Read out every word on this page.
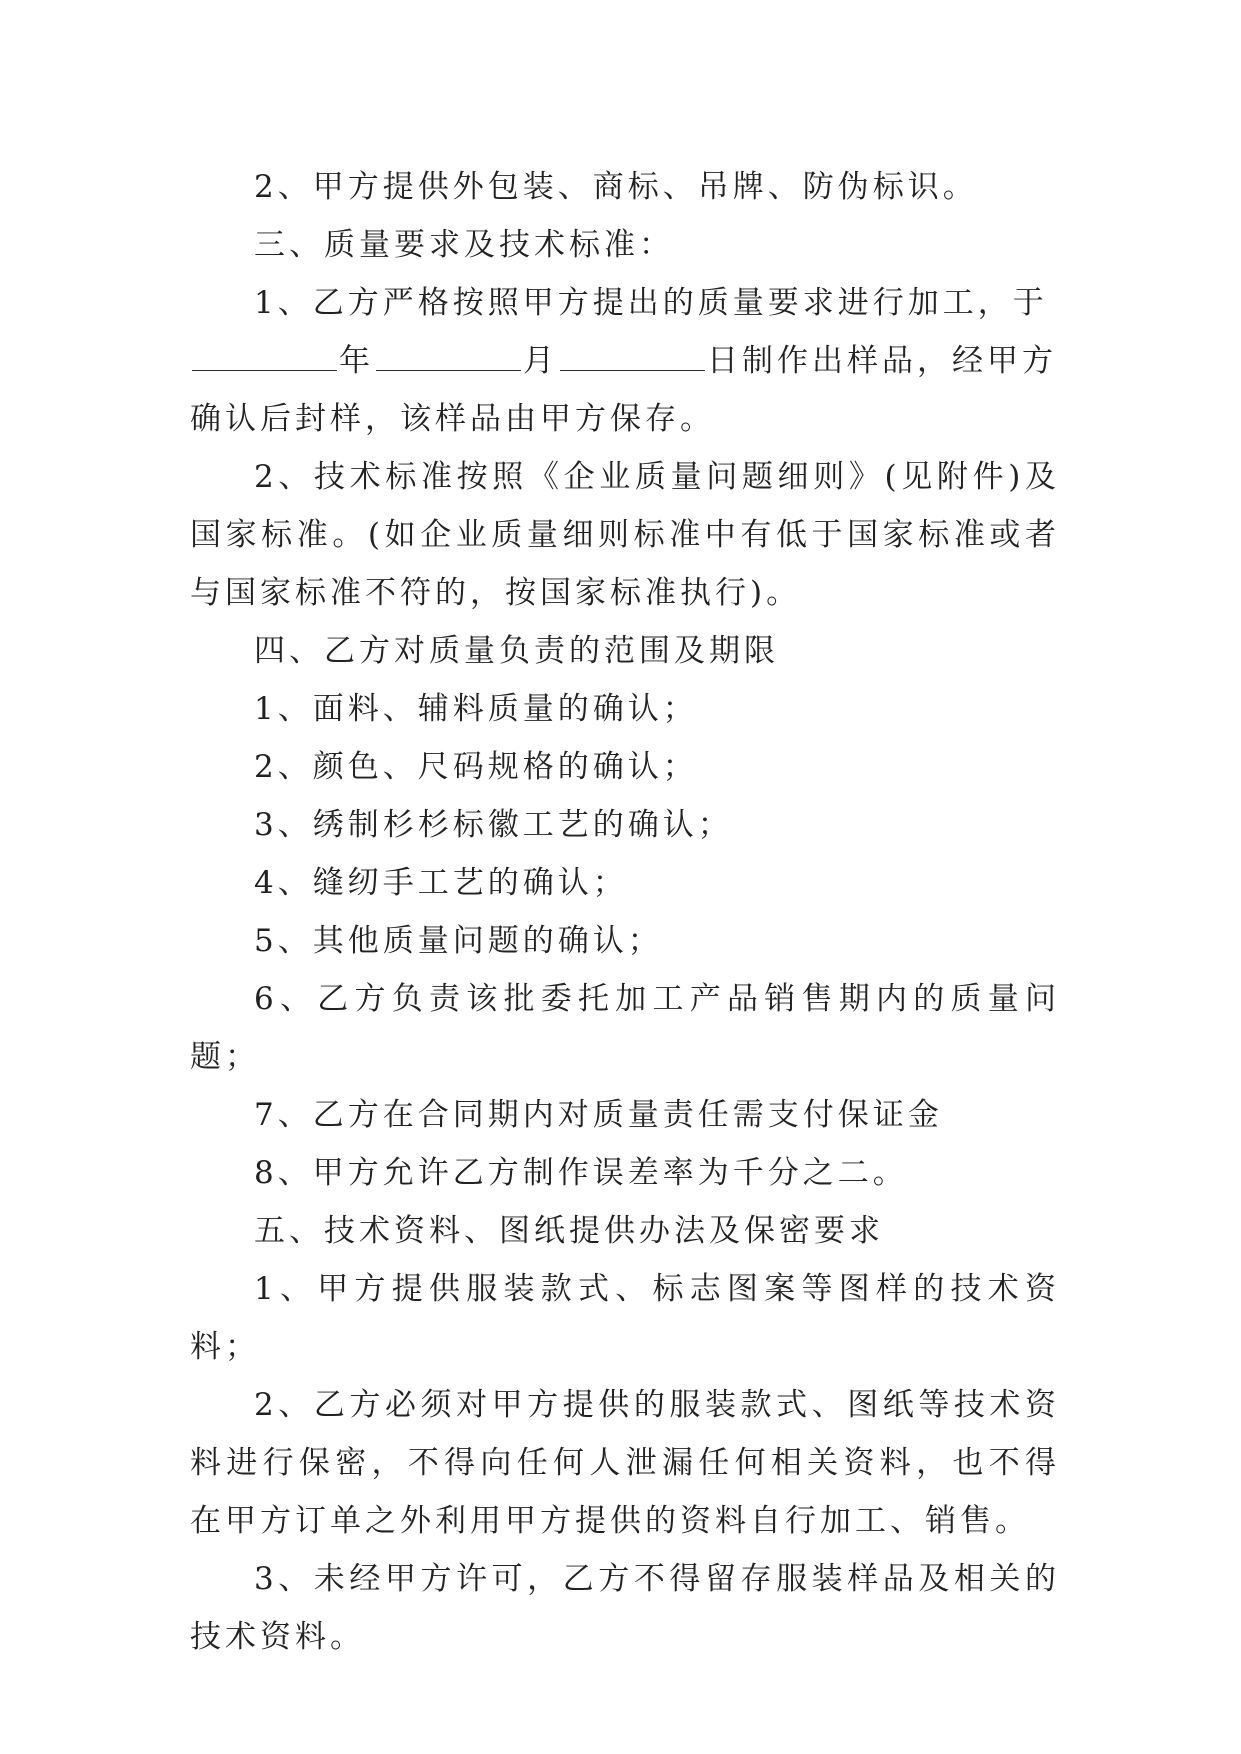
2、甲方提供外包装、商标、吊牌、防伪标识。

三、质量要求及技术标准：

1、乙方严格按照甲方提出的质量要求进行加工，于

年	月	日制作出样品，经甲方

确认后封样，该样品由甲方保存。

2、技术标准按照《企业质量问题细则》(见附件)及国家标准。(如企业质量细则标准中有低于国家标准或者与国家标准不符的，按国家标准执行)。

四、乙方对质量负责的范围及期限

1、面料、辅料质量的确认；

2、颜色、尺码规格的确认；

3、绣制杉杉标徽工艺的确认；

4、缝纫手工艺的确认；

5、其他质量问题的确认；

6、乙方负责该批委托加工产品销售期内的质量问题；

7、乙方在合同期内对质量责任需支付保证金

8、甲方允许乙方制作误差率为千分之二。

五、技术资料、图纸提供办法及保密要求

1、甲方提供服装款式、标志图案等图样的技术资料；

2、乙方必须对甲方提供的服装款式、图纸等技术资料进行保密，不得向任何人泄漏任何相关资料，也不得在甲方订单之外利用甲方提供的资料自行加工、销售。

3、未经甲方许可，乙方不得留存服装样品及相关的技术资料。
